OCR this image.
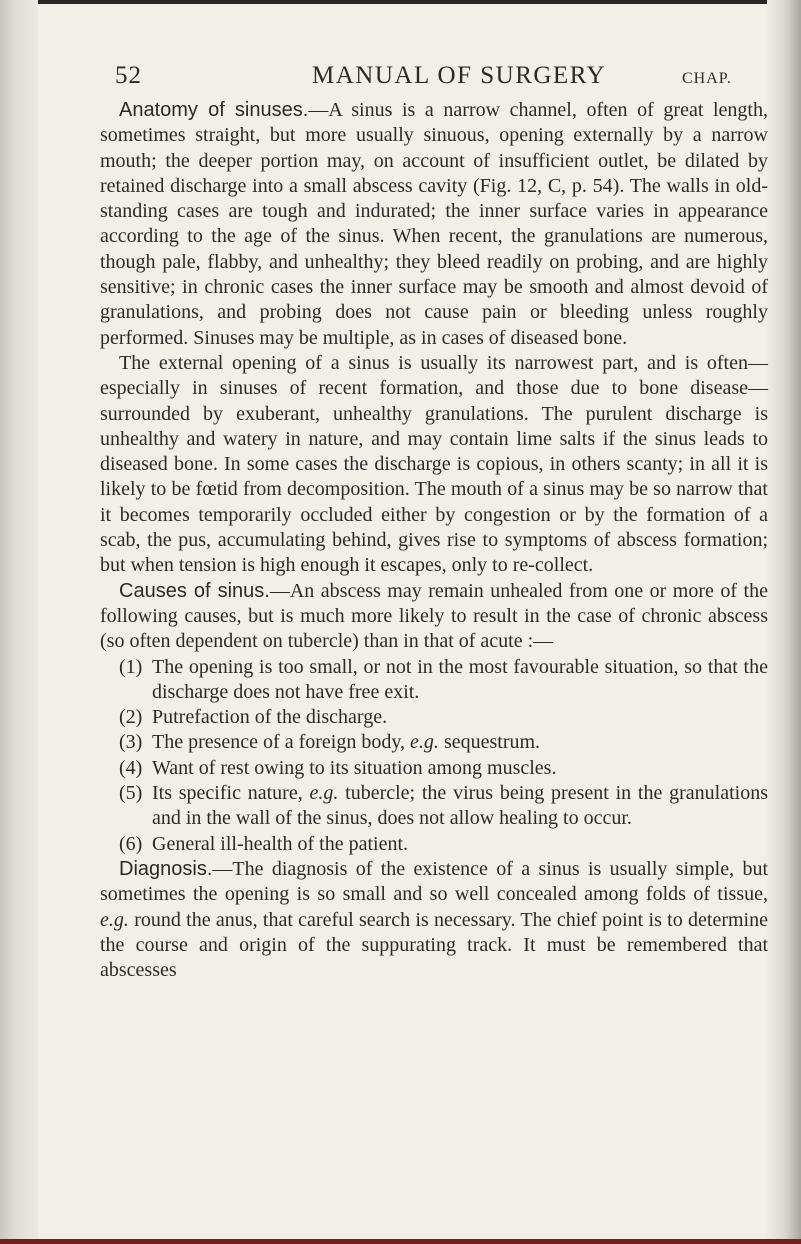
52	MANUAL OF SURGERY	CHAP.

Anatomy of sinuses.—A sinus is a narrow channel, often of great length, sometimes straight, but more usually sinuous, opening externally by a narrow mouth; the deeper portion may, on account of insufficient outlet, be dilated by retained discharge into a small abscess cavity (Fig. 12, C, p. 54). The walls in old-standing cases are tough and indurated; the inner surface varies in appearance according to the age of the sinus. When recent, the granulations are numerous, though pale, flabby, and unhealthy; they bleed readily on probing, and are highly sensitive; in chronic cases the inner surface may be smooth and almost devoid of granulations, and probing does not cause pain or bleeding unless roughly performed. Sinuses may be multiple, as in cases of diseased bone.

The external opening of a sinus is usually its narrowest part, and is often—especially in sinuses of recent formation, and those due to bone disease—surrounded by exuberant, unhealthy granulations. The purulent discharge is unhealthy and watery in nature, and may contain lime salts if the sinus leads to diseased bone. In some cases the discharge is copious, in others scanty; in all it is likely to be fœtid from decomposition. The mouth of a sinus may be so narrow that it becomes temporarily occluded either by congestion or by the formation of a scab, the pus, accumulating behind, gives rise to symptoms of abscess formation; but when tension is high enough it escapes, only to re-collect.

Causes of sinus.—An abscess may remain unhealed from one or more of the following causes, but is much more likely to result in the case of chronic abscess (so often dependent on tubercle) than in that of acute :—

(1) The opening is too small, or not in the most favourable situation, so that the discharge does not have free exit.
(2) Putrefaction of the discharge.
(3) The presence of a foreign body, e.g. sequestrum.
(4) Want of rest owing to its situation among muscles.
(5) Its specific nature, e.g. tubercle; the virus being present in the granulations and in the wall of the sinus, does not allow healing to occur.
(6) General ill-health of the patient.

Diagnosis.—The diagnosis of the existence of a sinus is usually simple, but sometimes the opening is so small and so well concealed among folds of tissue, e.g. round the anus, that careful search is necessary. The chief point is to determine the course and origin of the suppurating track. It must be remembered that abscesses
